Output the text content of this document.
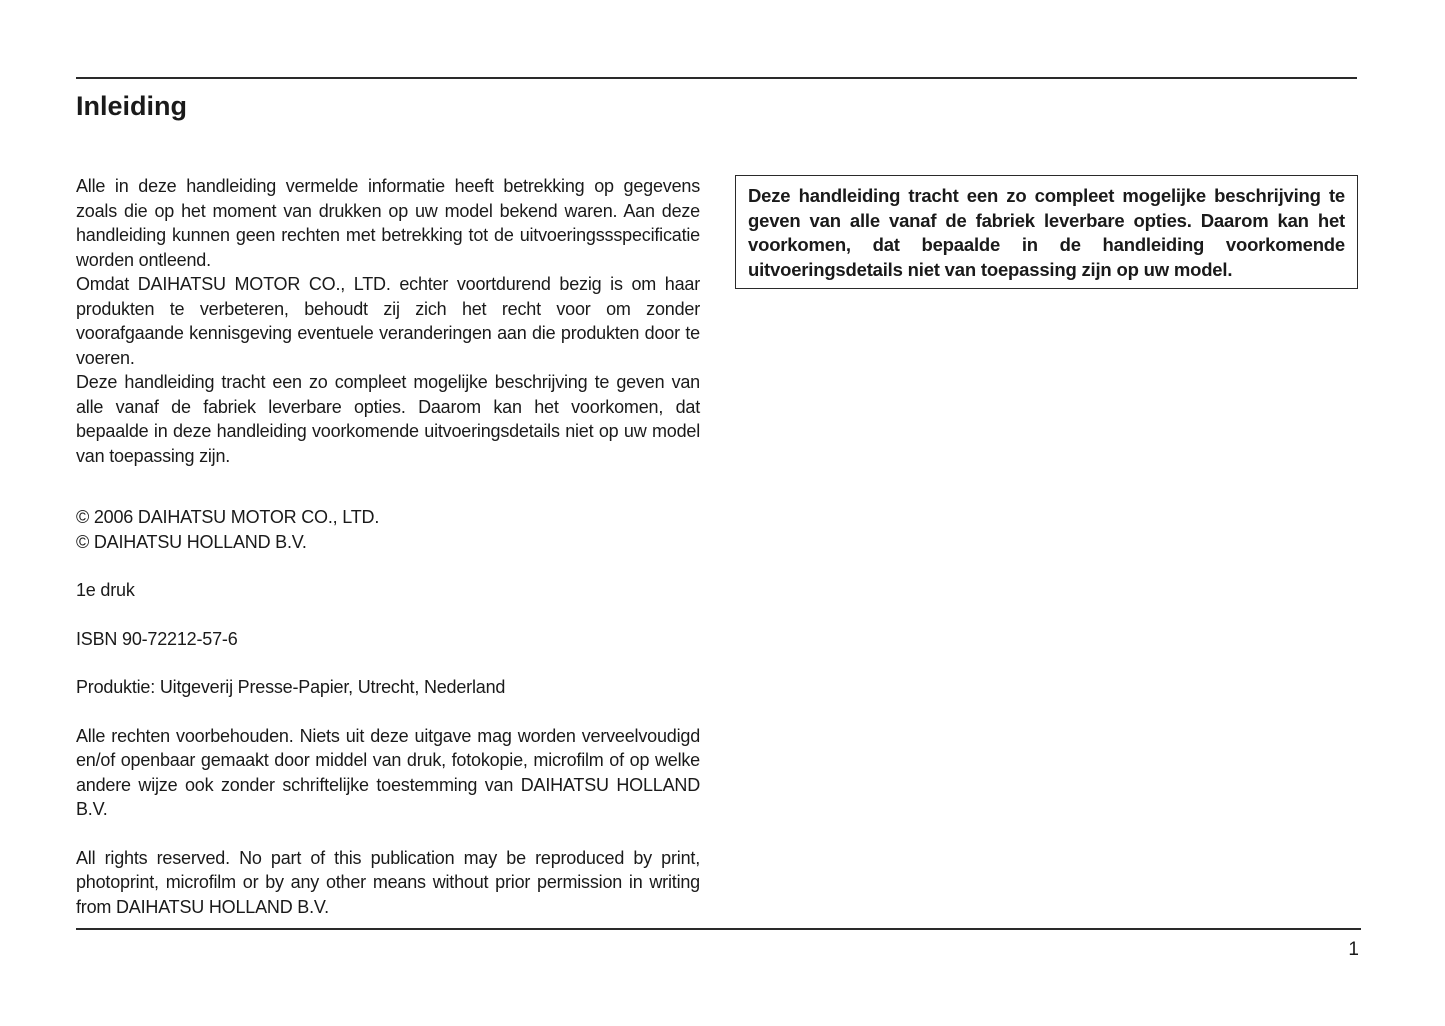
Inleiding

Alle in deze handleiding vermelde informatie heeft betrekking op gegevens zoals die op het moment van drukken op uw model bekend waren. Aan deze handleiding kunnen geen rechten met betrekking tot de uitvoeringssspecificatie worden ontleend.

Omdat DAIHATSU MOTOR CO., LTD. echter voortdurend bezig is om haar produkten te verbeteren, behoudt zij zich het recht voor om zonder voorafgaande kennisgeving eventuele veranderingen aan die produkten door te voeren.

Deze handleiding tracht een zo compleet mogelijke beschrijving te geven van alle vanaf de fabriek leverbare opties. Daarom kan het voorkomen, dat bepaalde in deze handleiding voorkomende uitvoeringsdetails niet op uw model van toepassing zijn.

© 2006 DAIHATSU MOTOR CO., LTD.

© DAIHATSU HOLLAND B.V.

1e druk

ISBN 90-72212-57-6

Produktie: Uitgeverij Presse-Papier, Utrecht, Nederland

Alle rechten voorbehouden. Niets uit deze uitgave mag worden verveelvoudigd en/of openbaar gemaakt door middel van druk, fotokopie, microfilm of op welke andere wijze ook zonder schriftelijke toestemming van DAIHATSU HOLLAND B.V.

All rights reserved. No part of this publication may be reproduced by print, photoprint, microfilm or by any other means without prior permission in writing from DAIHATSU HOLLAND B.V.

Deze handleiding tracht een zo compleet mogelijke beschrijving te geven van alle vanaf de fabriek leverbare opties. Daarom kan het voorkomen, dat bepaalde in de handleiding voorkomende uitvoeringsdetails niet van toepassing zijn op uw model.
1
